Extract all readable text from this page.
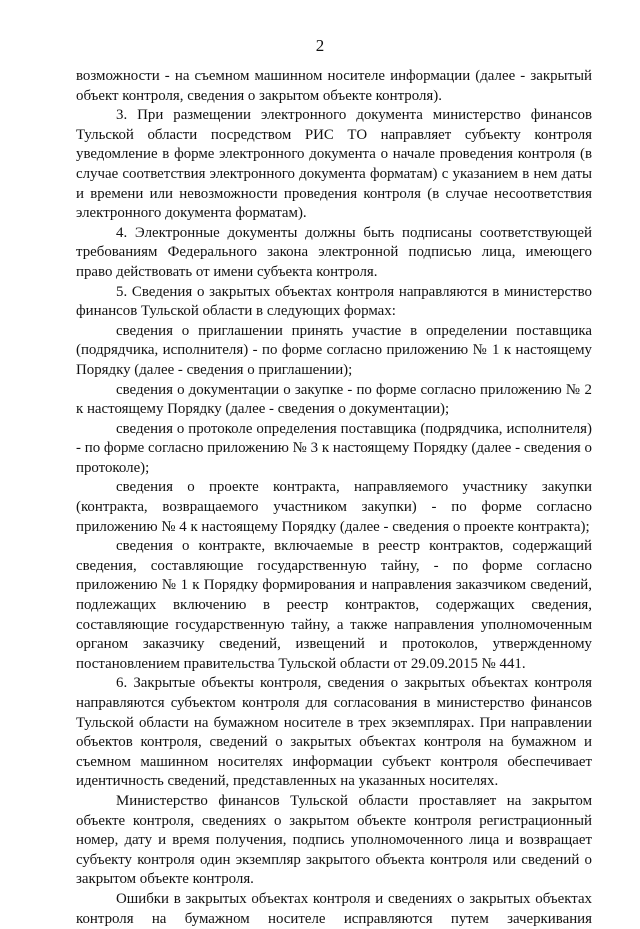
2

возможности - на съемном машинном носителе информации (далее - закрытый объект контроля, сведения о закрытом объекте контроля).

3. При размещении электронного документа министерство финансов Тульской области посредством РИС ТО направляет субъекту контроля уведомление в форме электронного документа о начале проведения контроля (в случае соответствия электронного документа форматам) с указанием в нем даты и времени или невозможности проведения контроля (в случае несоответствия электронного документа форматам).

4. Электронные документы должны быть подписаны соответствующей требованиям Федерального закона электронной подписью лица, имеющего право действовать от имени субъекта контроля.

5. Сведения о закрытых объектах контроля направляются в министерство финансов Тульской области в следующих формах:

сведения о приглашении принять участие в определении поставщика (подрядчика, исполнителя) - по форме согласно приложению № 1 к настоящему Порядку (далее - сведения о приглашении);

сведения о документации о закупке - по форме согласно приложению № 2 к настоящему Порядку (далее - сведения о документации);

сведения о протоколе определения поставщика (подрядчика, исполнителя) - по форме согласно приложению № 3 к настоящему Порядку (далее - сведения о протоколе);

сведения о проекте контракта, направляемого участнику закупки (контракта, возвращаемого участником закупки) - по форме согласно приложению № 4 к настоящему Порядку (далее - сведения о проекте контракта);

сведения о контракте, включаемые в реестр контрактов, содержащий сведения, составляющие государственную тайну, - по форме согласно приложению № 1 к Порядку формирования и направления заказчиком сведений, подлежащих включению в реестр контрактов, содержащих сведения, составляющие государственную тайну, а также направления уполномоченным органом заказчику сведений, извещений и протоколов, утвержденному постановлением правительства Тульской области от 29.09.2015 № 441.

6. Закрытые объекты контроля, сведения о закрытых объектах контроля направляются субъектом контроля для согласования в министерство финансов Тульской области на бумажном носителе в трех экземплярах. При направлении объектов контроля, сведений о закрытых объектах контроля на бумажном и съемном машинном носителях информации субъект контроля обеспечивает идентичность сведений, представленных на указанных носителях.

Министерство финансов Тульской области проставляет на закрытом объекте контроля, сведениях о закрытом объекте контроля регистрационный номер, дату и время получения, подпись уполномоченного лица и возвращает субъекту контроля один экземпляр закрытого объекта контроля или сведений о закрытом объекте контроля.

Ошибки в закрытых объектах контроля и сведениях о закрытых объектах контроля на бумажном носителе исправляются путем зачеркивания
